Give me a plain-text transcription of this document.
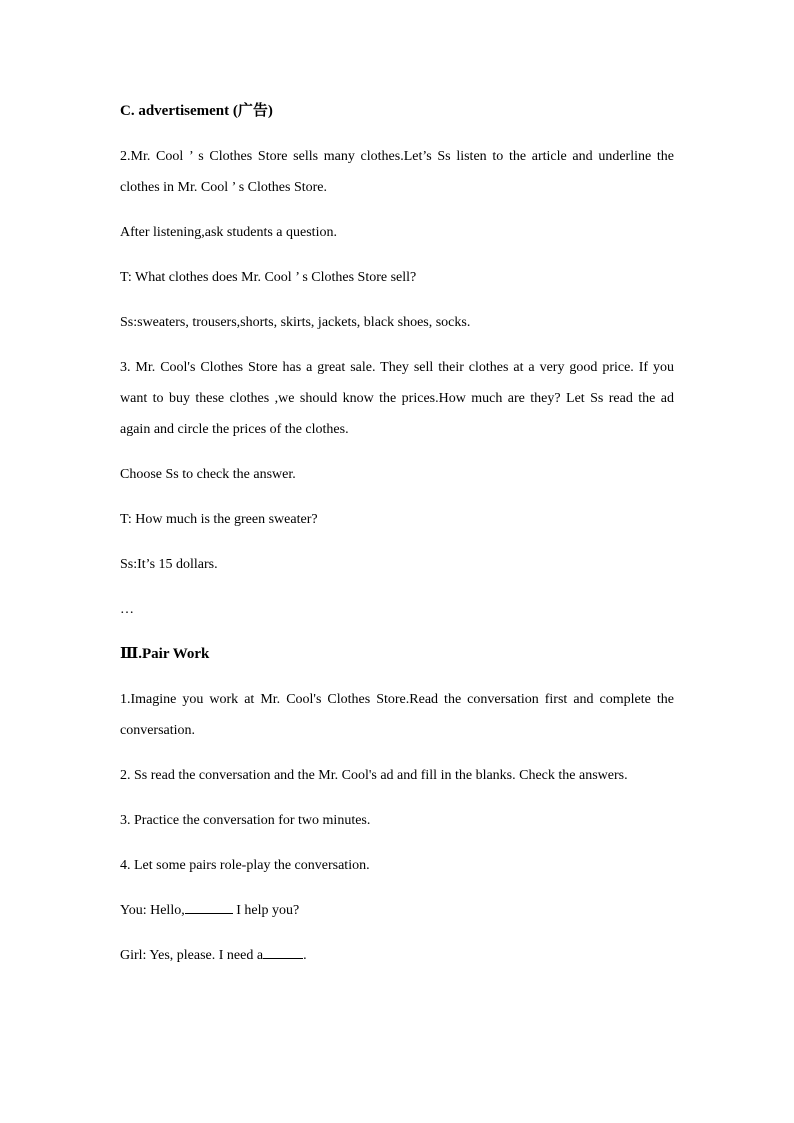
C. advertisement (广告)

2.Mr. Cool ’ s Clothes Store sells many clothes.Let’s Ss listen to the article and underline the clothes in Mr. Cool ’ s Clothes Store.

After listening,ask students a question.

T: What clothes does Mr. Cool ’ s Clothes Store sell?

Ss:sweaters, trousers,shorts, skirts, jackets, black shoes, socks.

3. Mr. Cool's Clothes Store has a great sale. They sell their clothes at a very good price. If you want to buy these clothes ,we should know the prices.How much are they? Let Ss read the ad again and circle the prices of the clothes.

Choose Ss to check the answer.

T: How much is the green sweater?

Ss:It’s 15 dollars.

…

Ⅲ.Pair Work

1.Imagine you work at Mr. Cool's Clothes Store.Read the conversation first and complete the conversation.

2. Ss read the conversation and the Mr. Cool's ad and fill in the blanks. Check the answers.

3. Practice the conversation for two minutes.

4. Let some pairs role-play the conversation.

You: Hello,	I help you?

Girl: Yes, please. I need a	.
